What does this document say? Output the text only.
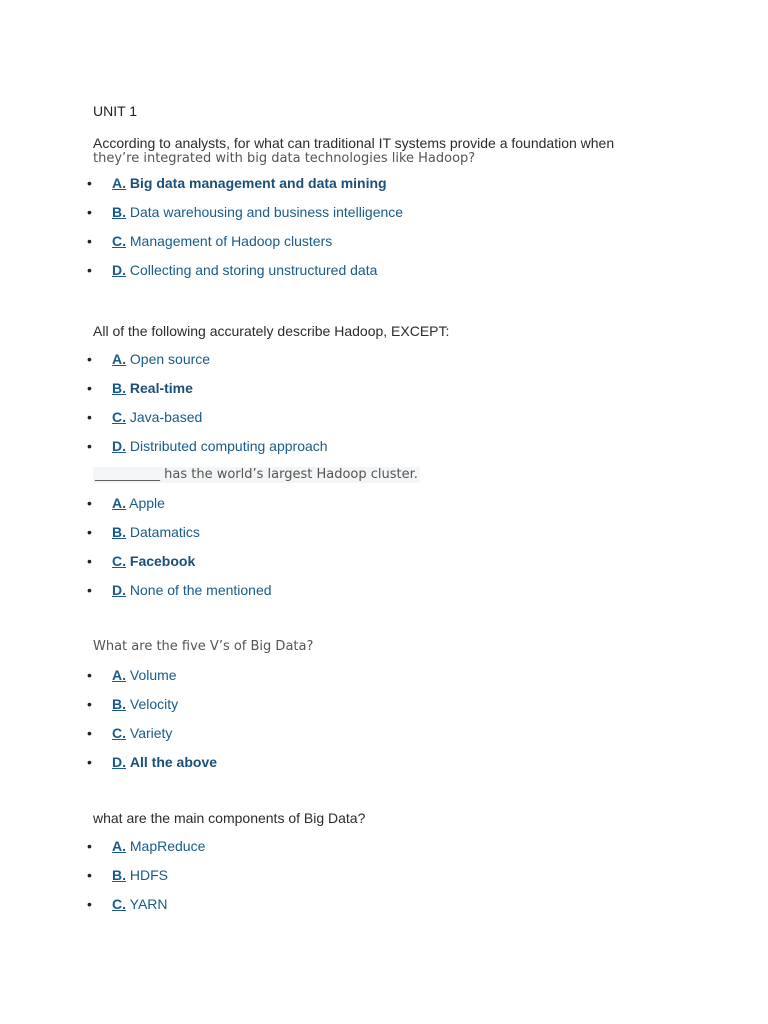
UNIT 1

According to analysts, for what can traditional IT systems provide a foundation when
they’re integrated with big data technologies like Hadoop?

• A. Big data management and data mining
• B. Data warehousing and business intelligence
• C. Management of Hadoop clusters
• D. Collecting and storing unstructured data

All of the following accurately describe Hadoop, EXCEPT:

• A. Open source
• B. Real-time
• C. Java-based
• D. Distributed computing approach

__________ has the world’s largest Hadoop cluster.

• A. Apple
• B. Datamatics
• C. Facebook
• D. None of the mentioned

What are the five V’s of Big Data?

• A. Volume
• B. Velocity
• C. Variety
• D. All the above

what are the main components of Big Data?

• A. MapReduce
• B. HDFS
• C. YARN
